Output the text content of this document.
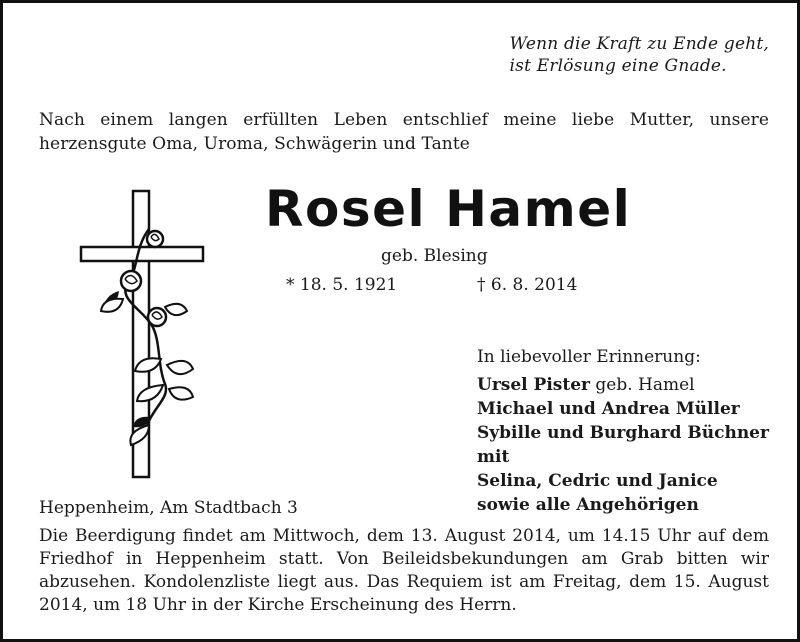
Wenn die Kraft zu Ende geht,
ist Erlösung eine Gnade.
Nach einem langen erfüllten Leben entschlief meine liebe Mutter, unsere herzensgute Oma, Uroma, Schwägerin und Tante
Rosel Hamel
geb. Blesing
* 18. 5. 1921	† 6. 8. 2014
In liebevoller Erinnerung:
Ursel Pister geb. Hamel
Michael und Andrea Müller
Sybille und Burghard Büchner mit
Selina, Cedric und Janice
sowie alle Angehörigen
Heppenheim, Am Stadtbach 3
Die Beerdigung findet am Mittwoch, dem 13. August 2014, um 14.15 Uhr auf dem Friedhof in Heppenheim statt. Von Beileidsbekundungen am Grab bitten wir abzusehen. Kondolenzliste liegt aus. Das Requiem ist am Freitag, dem 15. August 2014, um 18 Uhr in der Kirche Erscheinung des Herrn.
